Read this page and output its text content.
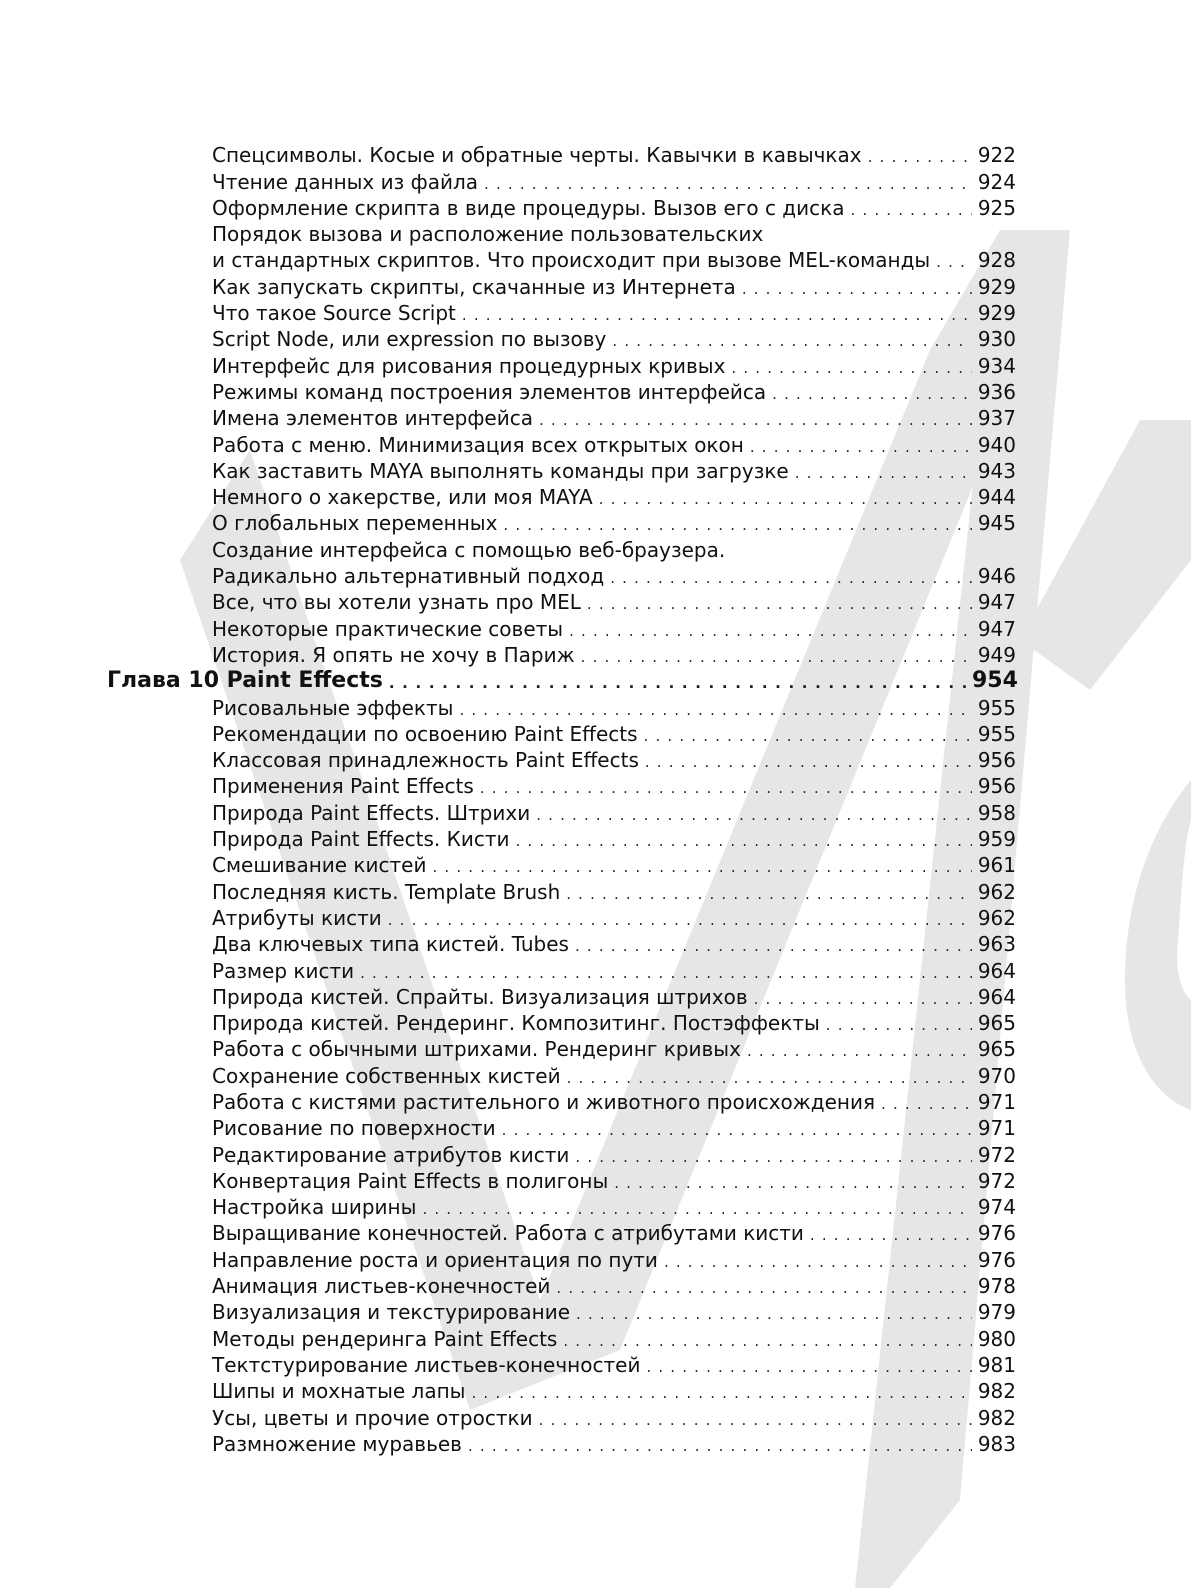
Спецсимволы. Косые и обратные черты. Кавычки в кавычках . . .	922
Чтение данных из файла . . .	924
Оформление скрипта в виде процедуры. Вызов его с диска . . .	925
Порядок вызова и расположение пользовательских
и стандартных скриптов. Что происходит при вызове MEL-команды . . .	928
Как запускать скрипты, скачанные из Интернета . . .	929
Что такое Source Script . . .	929
Script Node, или expression по вызову . . .	930
Интерфейс для рисования процедурных кривых . . .	934
Режимы команд построения элементов интерфейса . . .	936
Имена элементов интерфейса . . .	937
Работа с меню. Минимизация всех открытых окон . . .	940
Как заставить MAYA выполнять команды при загрузке . . .	943
Немного о хакерстве, или моя MAYA . . .	944
О глобальных переменных . . .	945
Создание интерфейса с помощью веб-браузера.
Радикально альтернативный подход . . .	946
Все, что вы хотели узнать про MEL . . .	947
Некоторые практические советы . . .	947
История. Я опять не хочу в Париж . . .	949
Глава 10 Paint Effects . . .	954
Рисовальные эффекты . . .	955
Рекомендации по освоению Paint Effects . . .	955
Классовая принадлежность Paint Effects . . .	956
Применения Paint Effects . . .	956
Природа Paint Effects. Штрихи . . .	958
Природа Paint Effects. Кисти . . .	959
Смешивание кистей . . .	961
Последняя кисть. Template Brush . . .	962
Атрибуты кисти . . .	962
Два ключевых типа кистей. Tubes . . .	963
Размер кисти . . .	964
Природа кистей. Спрайты. Визуализация штрихов . . .	964
Природа кистей. Рендеринг. Композитинг. Постэффекты . . .	965
Работа с обычными штрихами. Рендеринг кривых . . .	965
Сохранение собственных кистей . . .	970
Работа с кистями растительного и животного происхождения . . .	971
Рисование по поверхности . . .	971
Редактирование атрибутов кисти . . .	972
Конвертация Paint Effects в полигоны . . .	972
Настройка ширины . . .	974
Выращивание конечностей. Работа с атрибутами кисти . . .	976
Направление роста и ориентация по пути . . .	976
Анимация листьев-конечностей . . .	978
Визуализация и текстурирование . . .	979
Методы рендеринга Paint Effects . . .	980
Тектстурирование листьев-конечностей . . .	981
Шипы и мохнатые лапы . . .	982
Усы, цветы и прочие отростки . . .	982
Размножение муравьев . . .	983
